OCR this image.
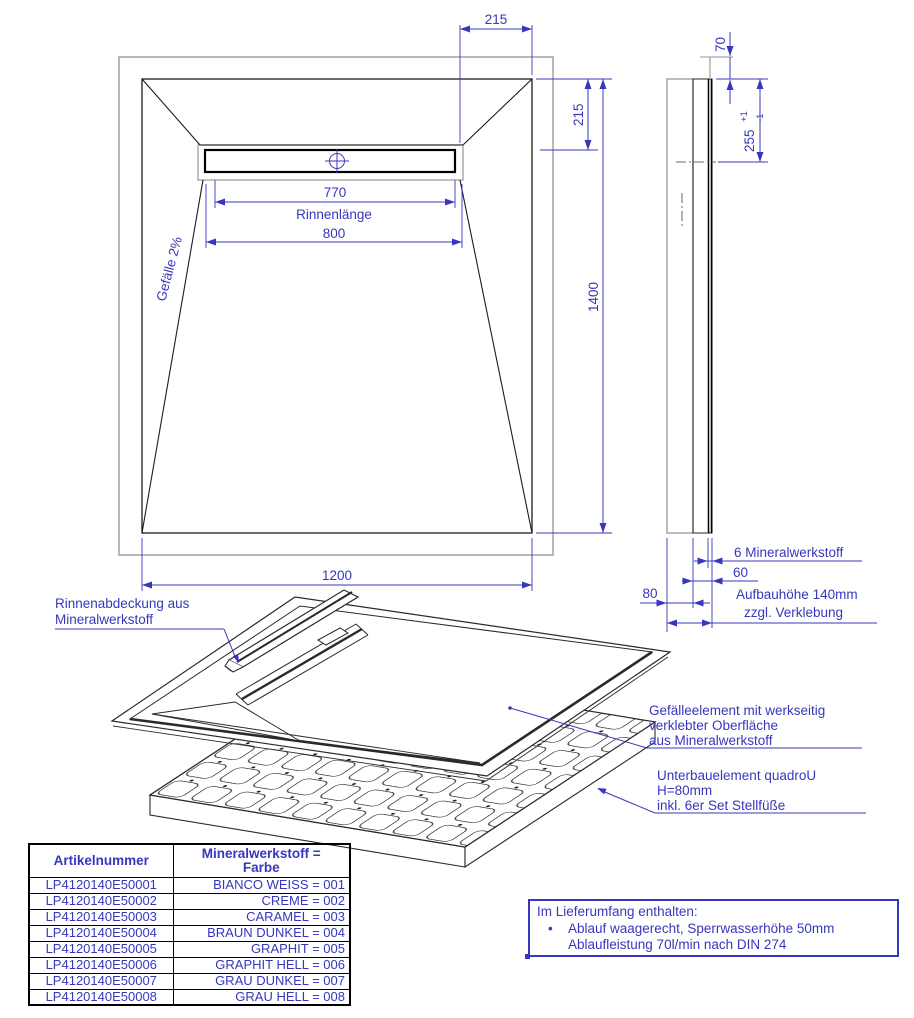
215
215
770
Rinnenlänge
800
1200
1400
Gefälle 2%
70
255
+1 -1
6 Mineralwerkstoff
60
80	Aufbauhöhe 140mm
zzgl. Verklebung
Rinnenabdeckung aus
Mineralwerkstoff
Gefälleelement mit werkseitig
verklebter Oberfläche
aus Mineralwerkstoff
Unterbauelement quadroU
H=80mm
inkl. 6er Set Stellfüße
Artikelnummer	Mineralwerkstoff =
Farbe

LP4120140E50001	BIANCO WEISS = 001
LP4120140E50002	CREME = 002
LP4120140E50003	CARAMEL = 003
LP4120140E50004	BRAUN DUNKEL = 004
LP4120140E50005	GRAPHIT = 005
LP4120140E50006	GRAPHIT HELL = 006
LP4120140E50007	GRAU DUNKEL = 007
LP4120140E50008	GRAU HELL = 008
Im Lieferumfang enthalten:
•	Ablauf waagerecht, Sperrwasserhöhe 50mm
Ablaufleistung 70l/min nach DIN 274
